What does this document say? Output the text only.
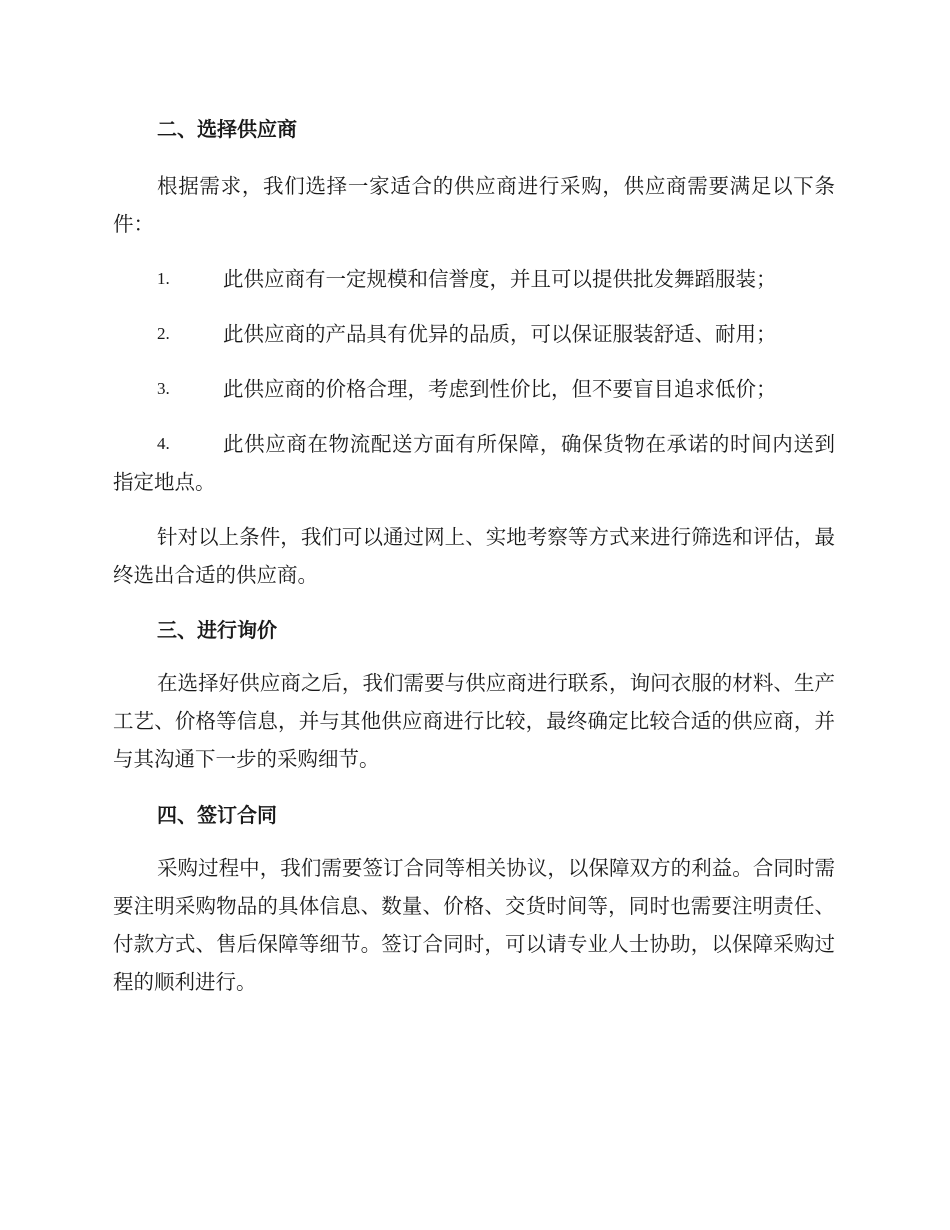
二、选择供应商

根据需求，我们选择一家适合的供应商进行采购，供应商需要满足以下条件：

1.	此供应商有一定规模和信誉度，并且可以提供批发舞蹈服装；

2.	此供应商的产品具有优异的品质，可以保证服装舒适、耐用；

3.	此供应商的价格合理，考虑到性价比，但不要盲目追求低价；

4.	此供应商在物流配送方面有所保障，确保货物在承诺的时间内送到指定地点。

针对以上条件，我们可以通过网上、实地考察等方式来进行筛选和评估，最终选出合适的供应商。

三、进行询价

在选择好供应商之后，我们需要与供应商进行联系，询问衣服的材料、生产工艺、价格等信息，并与其他供应商进行比较，最终确定比较合适的供应商，并与其沟通下一步的采购细节。

四、签订合同

采购过程中，我们需要签订合同等相关协议，以保障双方的利益。合同时需要注明采购物品的具体信息、数量、价格、交货时间等，同时也需要注明责任、付款方式、售后保障等细节。签订合同时，可以请专业人士协助，以保障采购过程的顺利进行。
